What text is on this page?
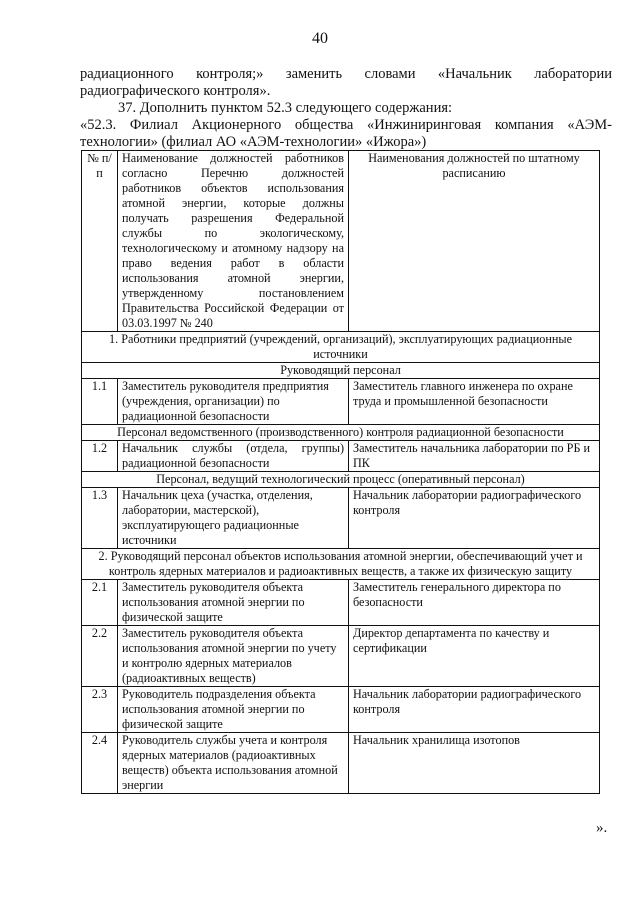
40
радиационного контроля;» заменить словами «Начальник лаборатории
радиографического контроля».
37. Дополнить пунктом 52.3 следующего содержания:
«52.3. Филиал Акционерного общества «Инжиниринговая компания «АЭМ-
технологии» (филиал АО «АЭМ-технологии» «Ижора»)
№ п/п	Наименование должностей работников согласно Перечню должностей работников объектов использования атомной энергии, которые должны получать разрешения Федеральной службы по экологическому, технологическому и атомному надзору на право ведения работ в области использования атомной энергии, утвержденному постановлением Правительства Российской Федерации от 03.03.1997 № 240	Наименования должностей по штатному расписанию
1. Работники предприятий (учреждений, организаций), эксплуатирующих радиационные источники		
Руководящий персонал		
1.1	Заместитель руководителя предприятия (учреждения, организации) по радиационной безопасности	Заместитель главного инженера по охране труда и промышленной безопасности
Персонал ведомственного (производственного) контроля радиационной безопасности		
1.2	Начальник службы (отдела, группы) радиационной безопасности	Заместитель начальника лаборатории по РБ и ПК
Персонал, ведущий технологический процесс (оперативный персонал)		
1.3	Начальник цеха (участка, отделения, лаборатории, мастерской), эксплуатирующего радиационные источники	Начальник лаборатории радиографического контроля
2. Руководящий персонал объектов использования атомной энергии, обеспечивающий учет и контроль ядерных материалов и радиоактивных веществ, а также их физическую защиту		
2.1	Заместитель руководителя объекта использования атомной энергии по физической защите	Заместитель генерального директора по безопасности
2.2	Заместитель руководителя объекта использования атомной энергии по учету и контролю ядерных материалов (радиоактивных веществ)	Директор департамента по качеству и сертификации
2.3	Руководитель подразделения объекта использования атомной энергии по физической защите	Начальник лаборатории радиографического контроля
2.4	Руководитель службы учета и контроля ядерных материалов (радиоактивных веществ) объекта использования атомной энергии	Начальник хранилища изотопов
».
